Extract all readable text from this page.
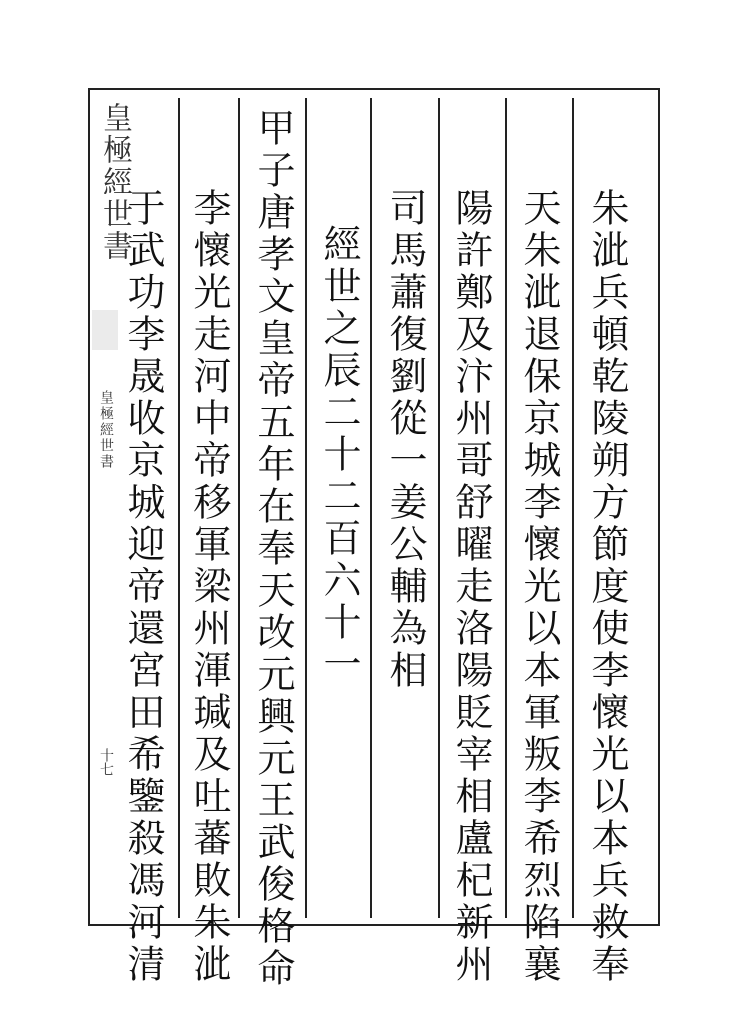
皇極經世書
皇極經世書
十七	朱泚兵頓乾陵朔方節度使李懷光以本兵救奉
天朱泚退保京城李懷光以本軍叛李希烈陷襄
陽許鄭及汴州哥舒曜走洛陽貶宰相盧杞新州
司馬蕭復劉從一姜公輔為相
經世之辰二十二百六十一
甲子唐孝文皇帝五年在奉天改元興元王武俊格命
李懷光走河中帝移軍梁州渾瑊及吐蕃敗朱泚
于武功李晟收京城迎帝還宮田希鑒殺馮河清
